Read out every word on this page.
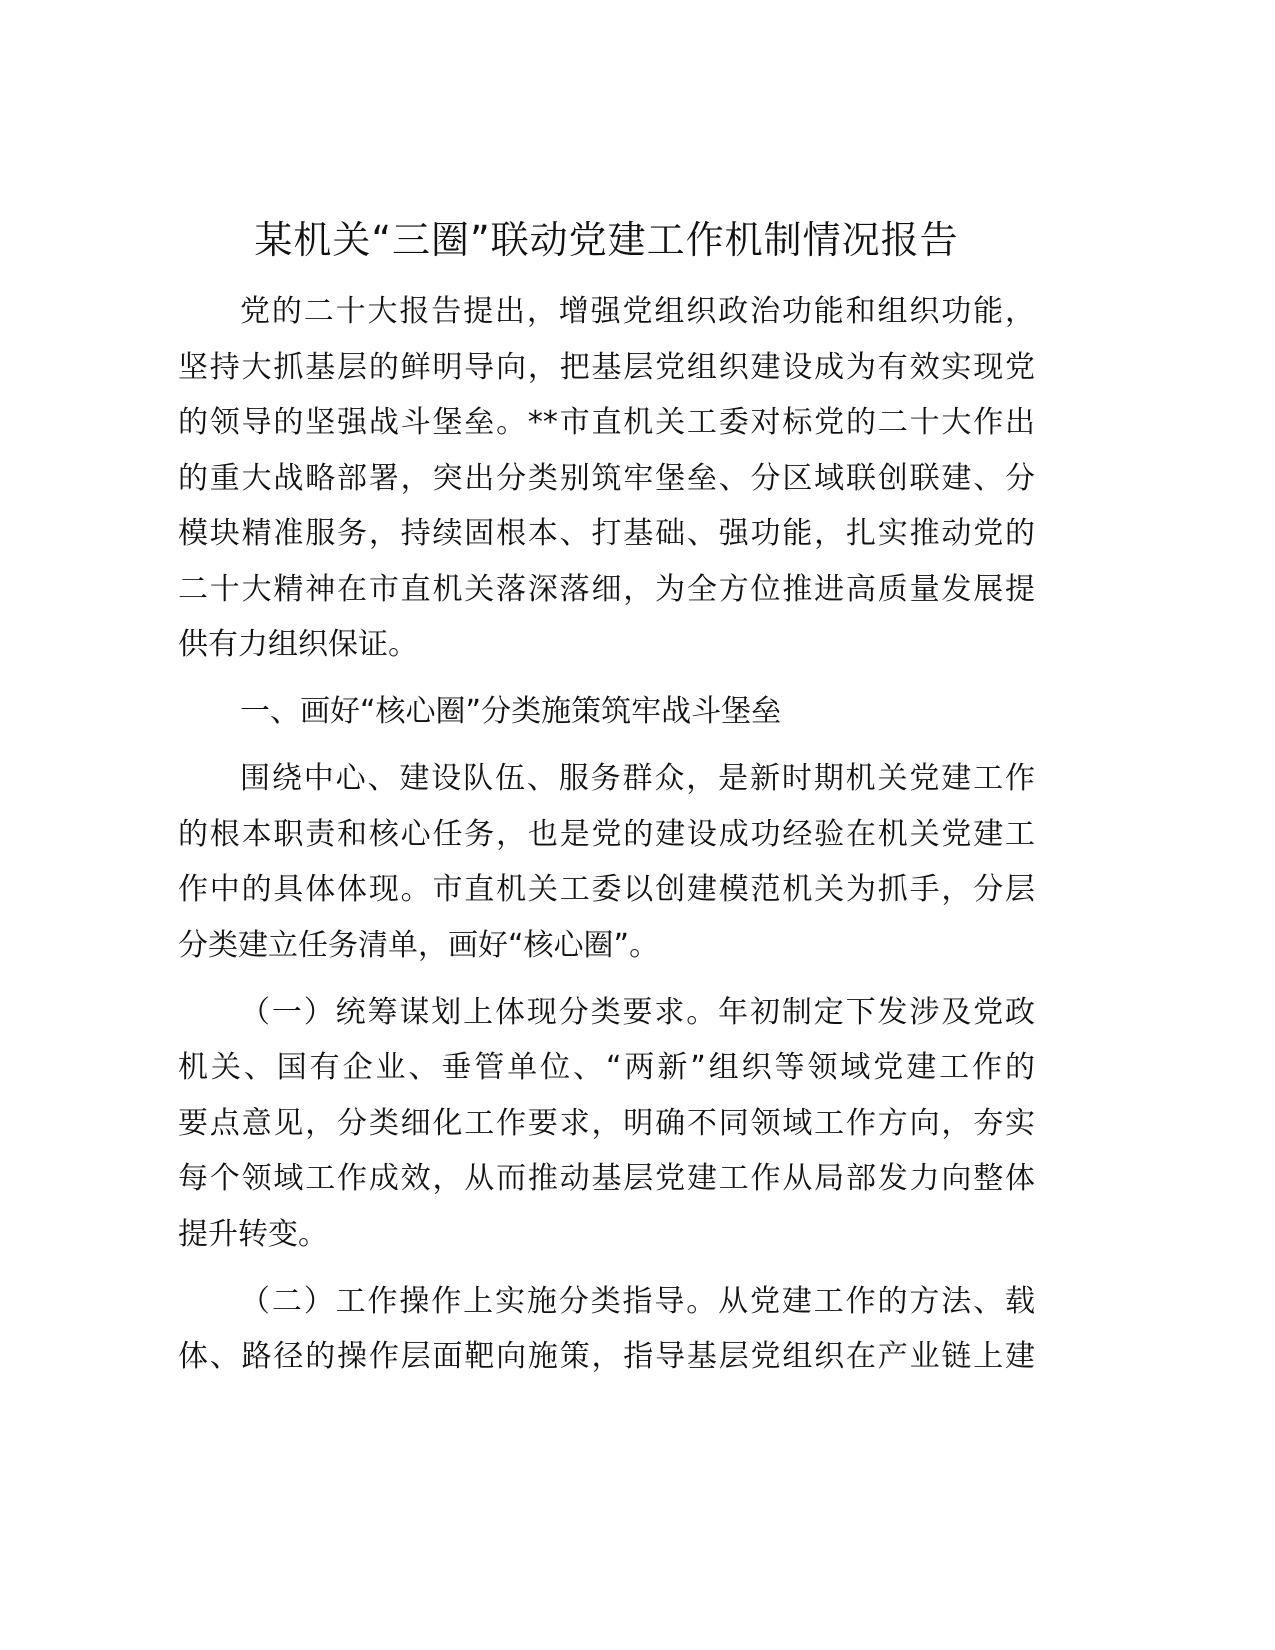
某机关“三圈”联动党建工作机制情况报告
党的二十大报告提出，增强党组织政治功能和组织功能，
坚持大抓基层的鲜明导向，把基层党组织建设成为有效实现党
的领导的坚强战斗堡垒。**市直机关工委对标党的二十大作出
的重大战略部署，突出分类别筑牢堡垒、分区域联创联建、分
模块精准服务，持续固根本、打基础、强功能，扎实推动党的
二十大精神在市直机关落深落细，为全方位推进高质量发展提
供有力组织保证。
一、画好“核心圈”分类施策筑牢战斗堡垒
围绕中心、建设队伍、服务群众，是新时期机关党建工作
的根本职责和核心任务，也是党的建设成功经验在机关党建工
作中的具体体现。市直机关工委以创建模范机关为抓手，分层
分类建立任务清单，画好“核心圈”。
（一）统筹谋划上体现分类要求。年初制定下发涉及党政
机关、国有企业、垂管单位、“两新”组织等领域党建工作的
要点意见，分类细化工作要求，明确不同领域工作方向，夯实
每个领域工作成效，从而推动基层党建工作从局部发力向整体
提升转变。
（二）工作操作上实施分类指导。从党建工作的方法、载
体、路径的操作层面靶向施策，指导基层党组织在产业链上建
